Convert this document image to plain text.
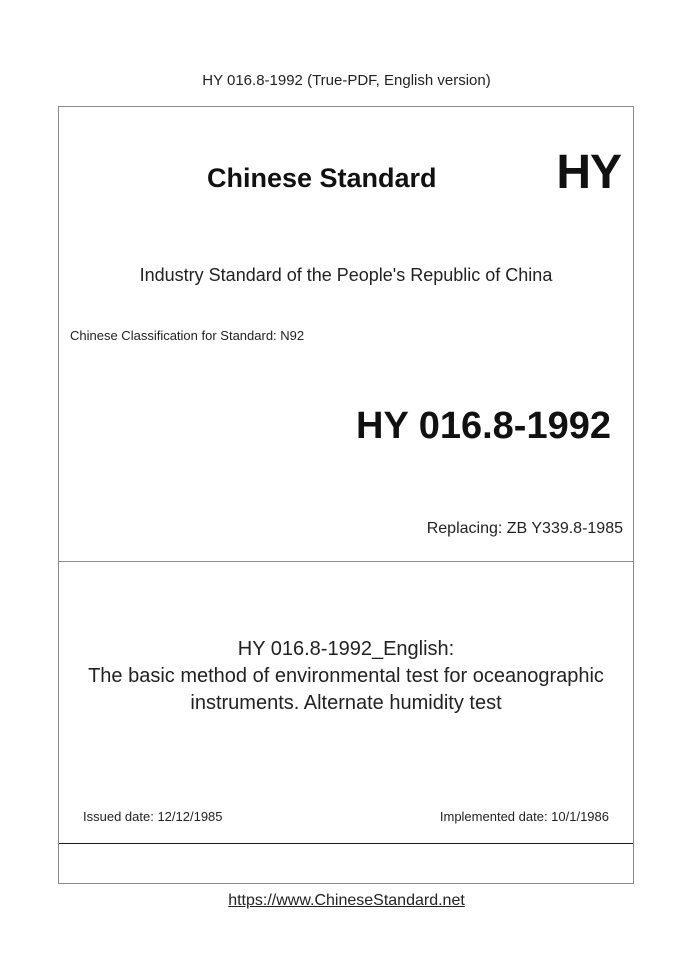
HY 016.8-1992 (True-PDF, English version)
Chinese Standard HY
Industry Standard of the People's Republic of China
Chinese Classification for Standard: N92
HY 016.8-1992
Replacing: ZB Y339.8-1985
HY 016.8-1992_English:
The basic method of environmental test for oceanographic
instruments. Alternate humidity test
Issued date: 12/12/1985	Implemented date: 10/1/1986
https://www.ChineseStandard.net
